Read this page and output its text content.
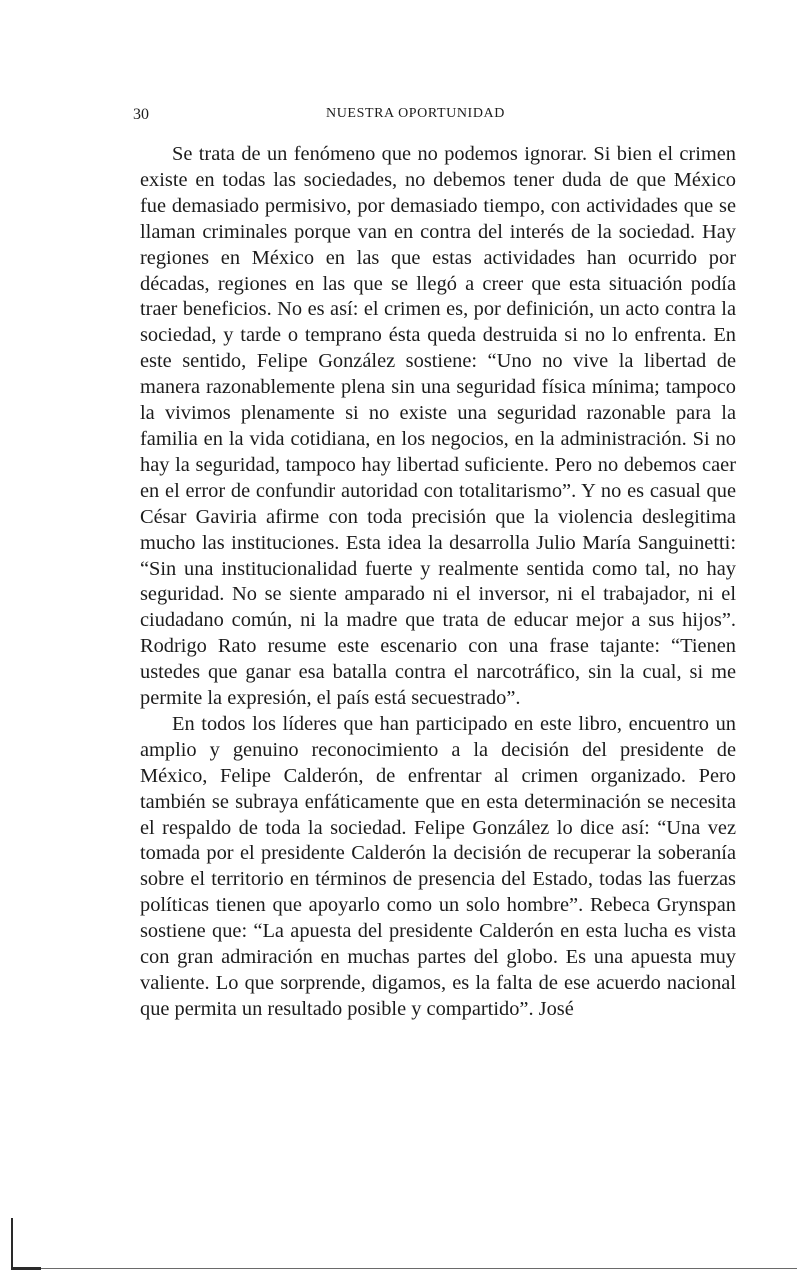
30	NUESTRA OPORTUNIDAD

Se trata de un fenómeno que no podemos ignorar. Si bien el crimen existe en todas las sociedades, no debemos tener duda de que México fue demasiado permisivo, por demasiado tiempo, con actividades que se llaman criminales porque van en contra del interés de la sociedad. Hay regiones en México en las que estas actividades han ocurrido por décadas, regiones en las que se llegó a creer que esta situación podía traer beneficios. No es así: el crimen es, por definición, un acto contra la sociedad, y tarde o temprano ésta queda destruida si no lo enfrenta. En este sentido, Felipe González sostiene: “Uno no vive la libertad de manera razonablemente plena sin una seguridad física mínima; tampoco la vivimos plenamente si no existe una seguridad razonable para la familia en la vida cotidiana, en los negocios, en la administración. Si no hay la seguridad, tampoco hay libertad suficiente. Pero no debemos caer en el error de confundir autoridad con totalitarismo”. Y no es casual que César Gaviria afirme con toda precisión que la violencia deslegitima mucho las instituciones. Esta idea la desarrolla Julio María Sanguinetti: “Sin una institucionalidad fuerte y realmente sentida como tal, no hay seguridad. No se siente amparado ni el inversor, ni el trabajador, ni el ciudadano común, ni la madre que trata de educar mejor a sus hijos”. Rodrigo Rato resume este escenario con una frase tajante: “Tienen ustedes que ganar esa batalla contra el narcotráfico, sin la cual, si me permite la expresión, el país está secuestrado”.

En todos los líderes que han participado en este libro, encuentro un amplio y genuino reconocimiento a la decisión del presidente de México, Felipe Calderón, de enfrentar al crimen organizado. Pero también se subraya enfáticamente que en esta determinación se necesita el respaldo de toda la sociedad. Felipe González lo dice así: “Una vez tomada por el presidente Calderón la decisión de recuperar la soberanía sobre el territorio en términos de presencia del Estado, todas las fuerzas políticas tienen que apoyarlo como un solo hombre”. Rebeca Grynspan sostiene que: “La apuesta del presidente Calderón en esta lucha es vista con gran admiración en muchas partes del globo. Es una apuesta muy valiente. Lo que sorprende, digamos, es la falta de ese acuerdo nacional que permita un resultado posible y compartido”. José
